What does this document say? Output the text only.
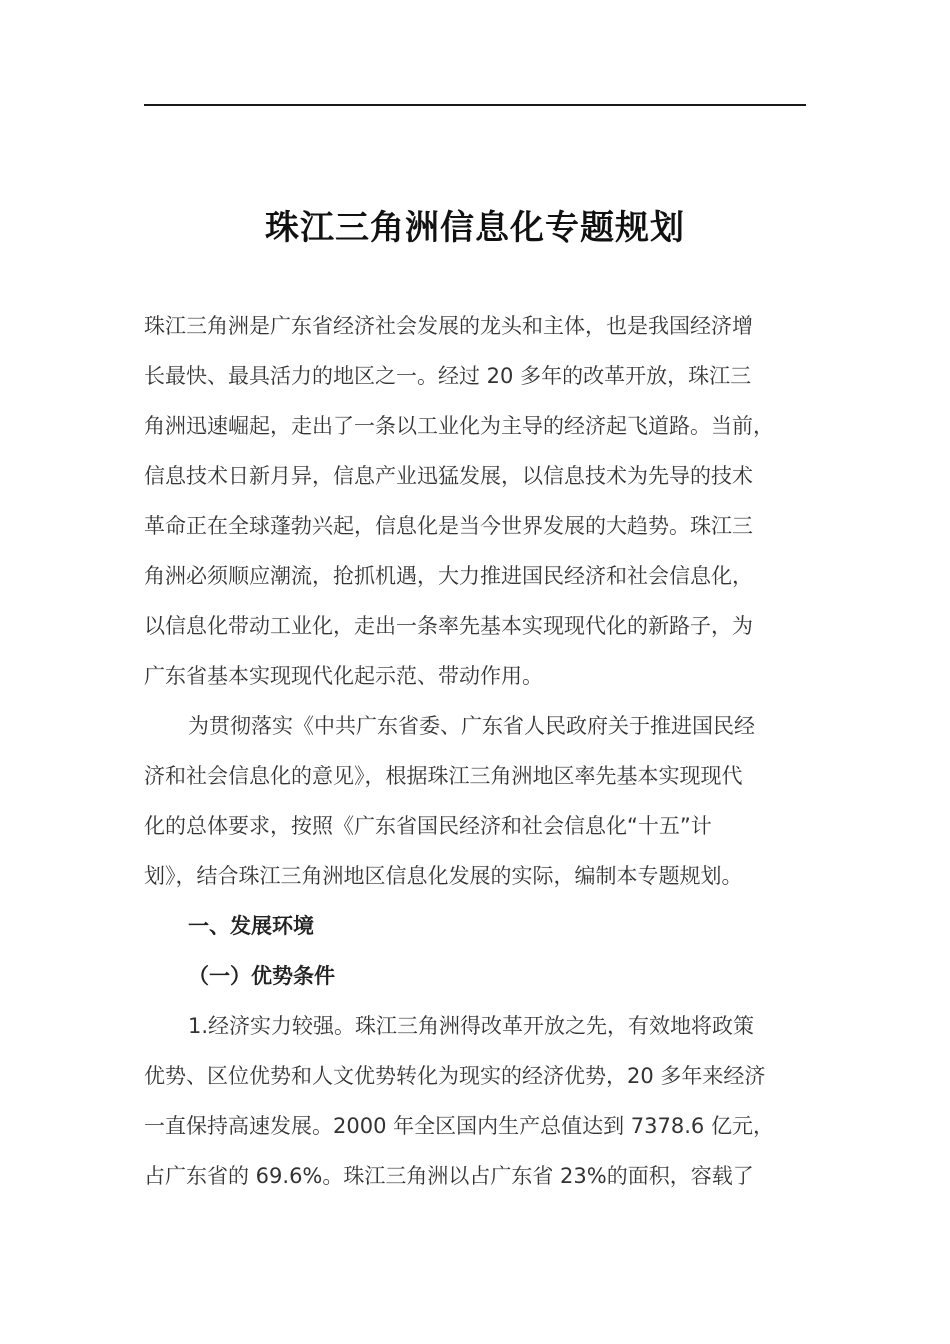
珠江三角洲信息化专题规划

珠江三角洲是广东省经济社会发展的龙头和主体，也是我国经济增
长最快、最具活力的地区之一。经过 20 多年的改革开放，珠江三
角洲迅速崛起，走出了一条以工业化为主导的经济起飞道路。当前，
信息技术日新月异，信息产业迅猛发展，以信息技术为先导的技术
革命正在全球蓬勃兴起，信息化是当今世界发展的大趋势。珠江三
角洲必须顺应潮流，抢抓机遇，大力推进国民经济和社会信息化，
以信息化带动工业化，走出一条率先基本实现现代化的新路子，为
广东省基本实现现代化起示范、带动作用。

为贯彻落实《中共广东省委、广东省人民政府关于推进国民经
济和社会信息化的意见》，根据珠江三角洲地区率先基本实现现代
化的总体要求，按照《广东省国民经济和社会信息化“十五”计
划》，结合珠江三角洲地区信息化发展的实际，编制本专题规划。

一、发展环境

（一）优势条件

1.经济实力较强。珠江三角洲得改革开放之先，有效地将政策
优势、区位优势和人文优势转化为现实的经济优势，20 多年来经济
一直保持高速发展。2000 年全区国内生产总值达到 7378.6 亿元，
占广东省的 69.6%。珠江三角洲以占广东省 23%的面积，容载了
